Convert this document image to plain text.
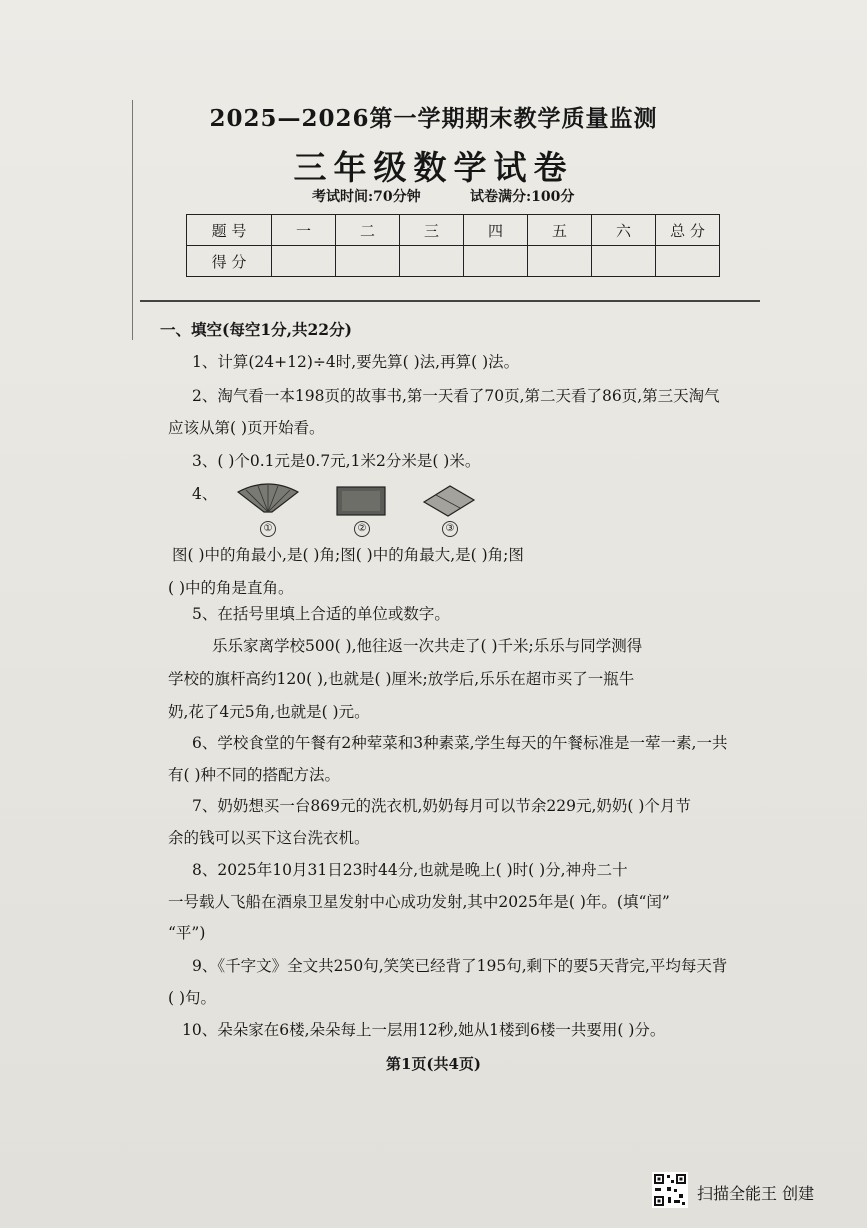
2025—2026第一学期期末教学质量监测
三年级数学试卷
考试时间:70分钟	试卷满分:100分
题 号	一	二	三	四	五	六	总 分
得 分							
一、填空(每空1分,共22分)
1、计算(24+12)÷4时,要先算( )法,再算( )法。
2、淘气看一本198页的故事书,第一天看了70页,第二天看了86页,第三天淘气
应该从第( )页开始看。
3、( )个0.1元是0.7元,1米2分米是( )米。
4、
①	②	③
图( )中的角最小,是( )角;图( )中的角最大,是( )角;图
( )中的角是直角。
5、在括号里填上合适的单位或数字。
乐乐家离学校500( ),他往返一次共走了( )千米;乐乐与同学测得
学校的旗杆高约120( ),也就是( )厘米;放学后,乐乐在超市买了一瓶牛
奶,花了4元5角,也就是( )元。
6、学校食堂的午餐有2种荤菜和3种素菜,学生每天的午餐标准是一荤一素,一共
有( )种不同的搭配方法。
7、奶奶想买一台869元的洗衣机,奶奶每月可以节余229元,奶奶( )个月节
余的钱可以买下这台洗衣机。
8、2025年10月31日23时44分,也就是晚上( )时( )分,神舟二十
一号载人飞船在酒泉卫星发射中心成功发射,其中2025年是( )年。(填“闰”
“平”)
9、《千字文》全文共250句,笑笑已经背了195句,剩下的要5天背完,平均每天背
( )句。
10、朵朵家在6楼,朵朵每上一层用12秒,她从1楼到6楼一共要用( )分。
第1页(共4页)
扫描全能王 创建
